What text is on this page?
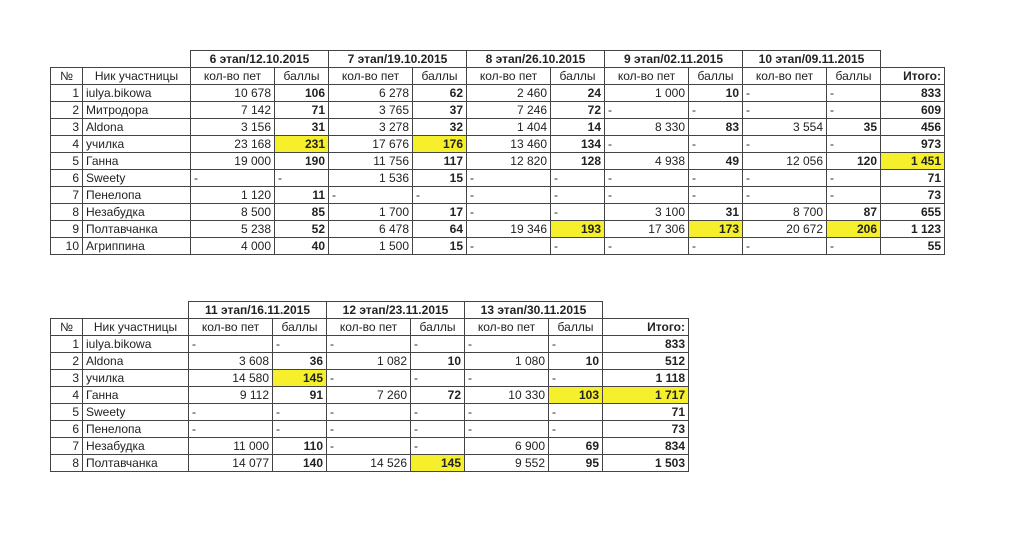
		6 этап/12.10.2015		7 этап/19.10.2015		8 этап/26.10.2015		9 этап/02.11.2015		10 этап/09.11.2015		
№	Ник участницы	кол-во пет	баллы	кол-во пет	баллы	кол-во пет	баллы	кол-во пет	баллы	кол-во пет	баллы	Итого:
1	iulya.bikowa	10 678	106	6 278	62	2 460	24	1 000	10	-	-	833
2	Митродора	7 142	71	3 765	37	7 246	72	-	-	-	-	609
3	Aldona	3 156	31	3 278	32	1 404	14	8 330	83	3 554	35	456
4	училка	23 168	231	17 676	176	13 460	134	-	-	-	-	973
5	Ганна	19 000	190	11 756	117	12 820	128	4 938	49	12 056	120	1 451
6	Sweety	-	-	1 536	15	-	-	-	-	-	-	71
7	Пенелопа	1 120	11	-	-	-	-	-	-	-	-	73
8	Незабудка	8 500	85	1 700	17	-	-	3 100	31	8 700	87	655
9	Полтавчанка	5 238	52	6 478	64	19 346	193	17 306	173	20 672	206	1 123
10	Агриппина	4 000	40	1 500	15	-	-	-	-	-	-	55
		11 этап/16.11.2015		12 этап/23.11.2015		13 этап/30.11.2015		
№	Ник участницы	кол-во пет	баллы	кол-во пет	баллы	кол-во пет	баллы	Итого:
1	iulya.bikowa	-	-	-	-	-	-	833
2	Aldona	3 608	36	1 082	10	1 080	10	512
3	училка	14 580	145	-	-	-	-	1 118
4	Ганна	9 112	91	7 260	72	10 330	103	1 717
5	Sweety	-	-	-	-	-	-	71
6	Пенелопа	-	-	-	-	-	-	73
7	Незабудка	11 000	110	-	-	6 900	69	834
8	Полтавчанка	14 077	140	14 526	145	9 552	95	1 503
